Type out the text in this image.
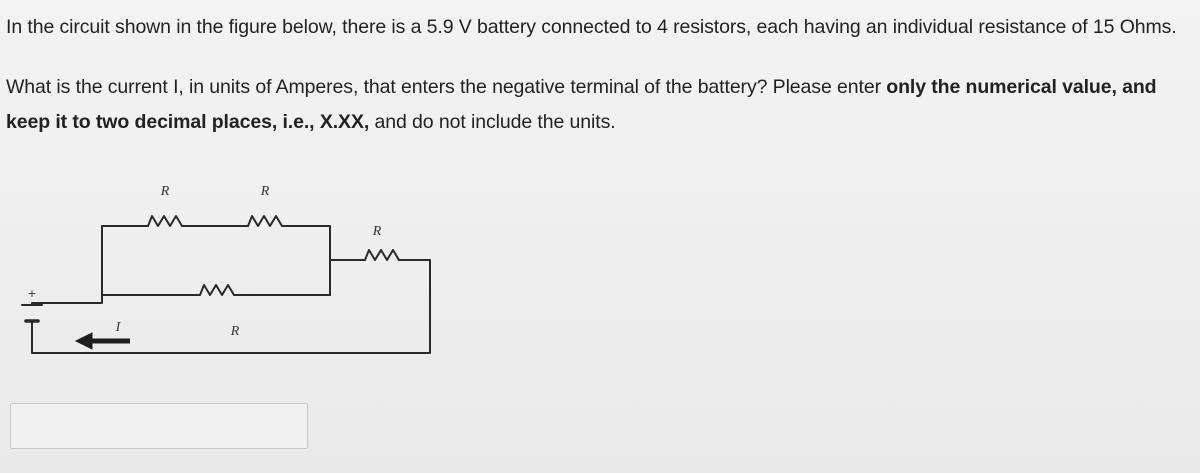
In the circuit shown in the figure below, there is a 5.9 V battery connected to 4 resistors, each having an individual resistance of 15 Ohms.

What is the current I, in units of Amperes, that enters the negative terminal of the battery? Please enter only the numerical value, and keep it to two decimal places, i.e., X.XX, and do not include the units.

R	R
R
R
I
+
